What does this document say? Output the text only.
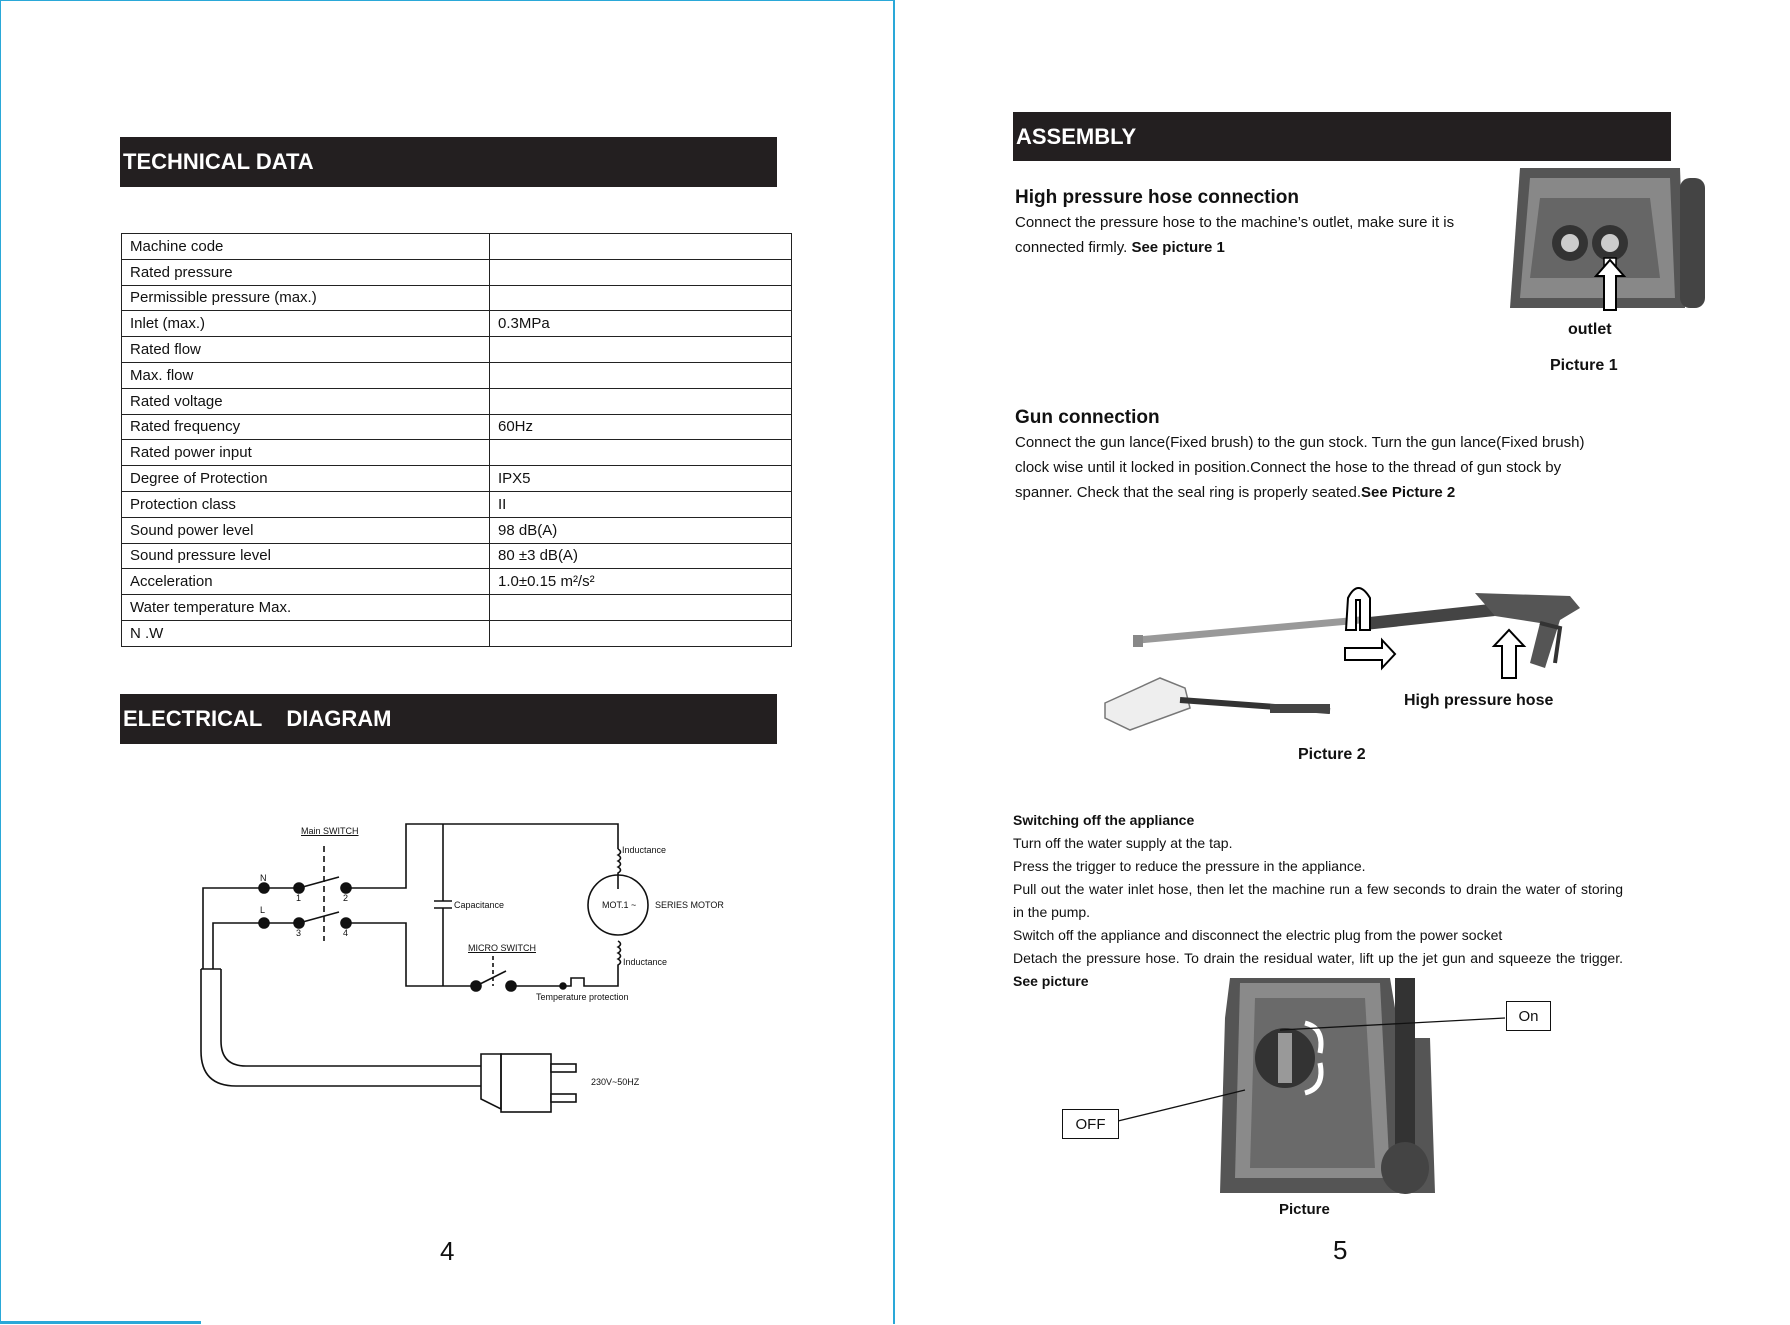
TECHNICAL DATA
Machine code	
Rated pressure	
Permissible pressure (max.)	
Inlet (max.)	0.3MPa
Rated flow	
Max. flow	
Rated voltage	
Rated frequency	60Hz
Rated power input	
Degree of Protection	IPX5
Protection class	II
Sound power level	98 dB(A)
Sound pressure level	80 ±3 dB(A)
Acceleration	1.0±0.15 m²/s²
Water temperature Max.	
N .W	
ELECTRICAL    DIAGRAM
Main SWITCH
N
L
1	2
3	4
Capacitance
MICRO SWITCH
Inductance
Inductance
MOT.1 ~ SERIES MOTOR
Temperature protection
230V~50HZ
4
ASSEMBLY
High pressure hose connection
Connect the pressure hose to the machine’s outlet, make sure it is
connected firmly. See picture 1
outlet
Picture 1
Gun connection
Connect the gun lance(Fixed brush) to the gun stock. Turn the gun lance(Fixed brush)
clock wise until it locked in position.Connect the hose to the thread of gun stock by
spanner. Check that the seal ring is properly seated.See Picture 2
High pressure hose
Picture 2
Switching off the appliance
Turn off the water supply at the tap.
Press the trigger to reduce the pressure in the appliance.
Pull out the water inlet hose, then let the machine run a few seconds to drain the water of storing in the pump.
Switch off the appliance and disconnect the electric plug from the power socket
Detach the pressure hose. To drain the residual water, lift up the jet gun and squeeze the trigger. See picture
On
OFF
Picture
5
